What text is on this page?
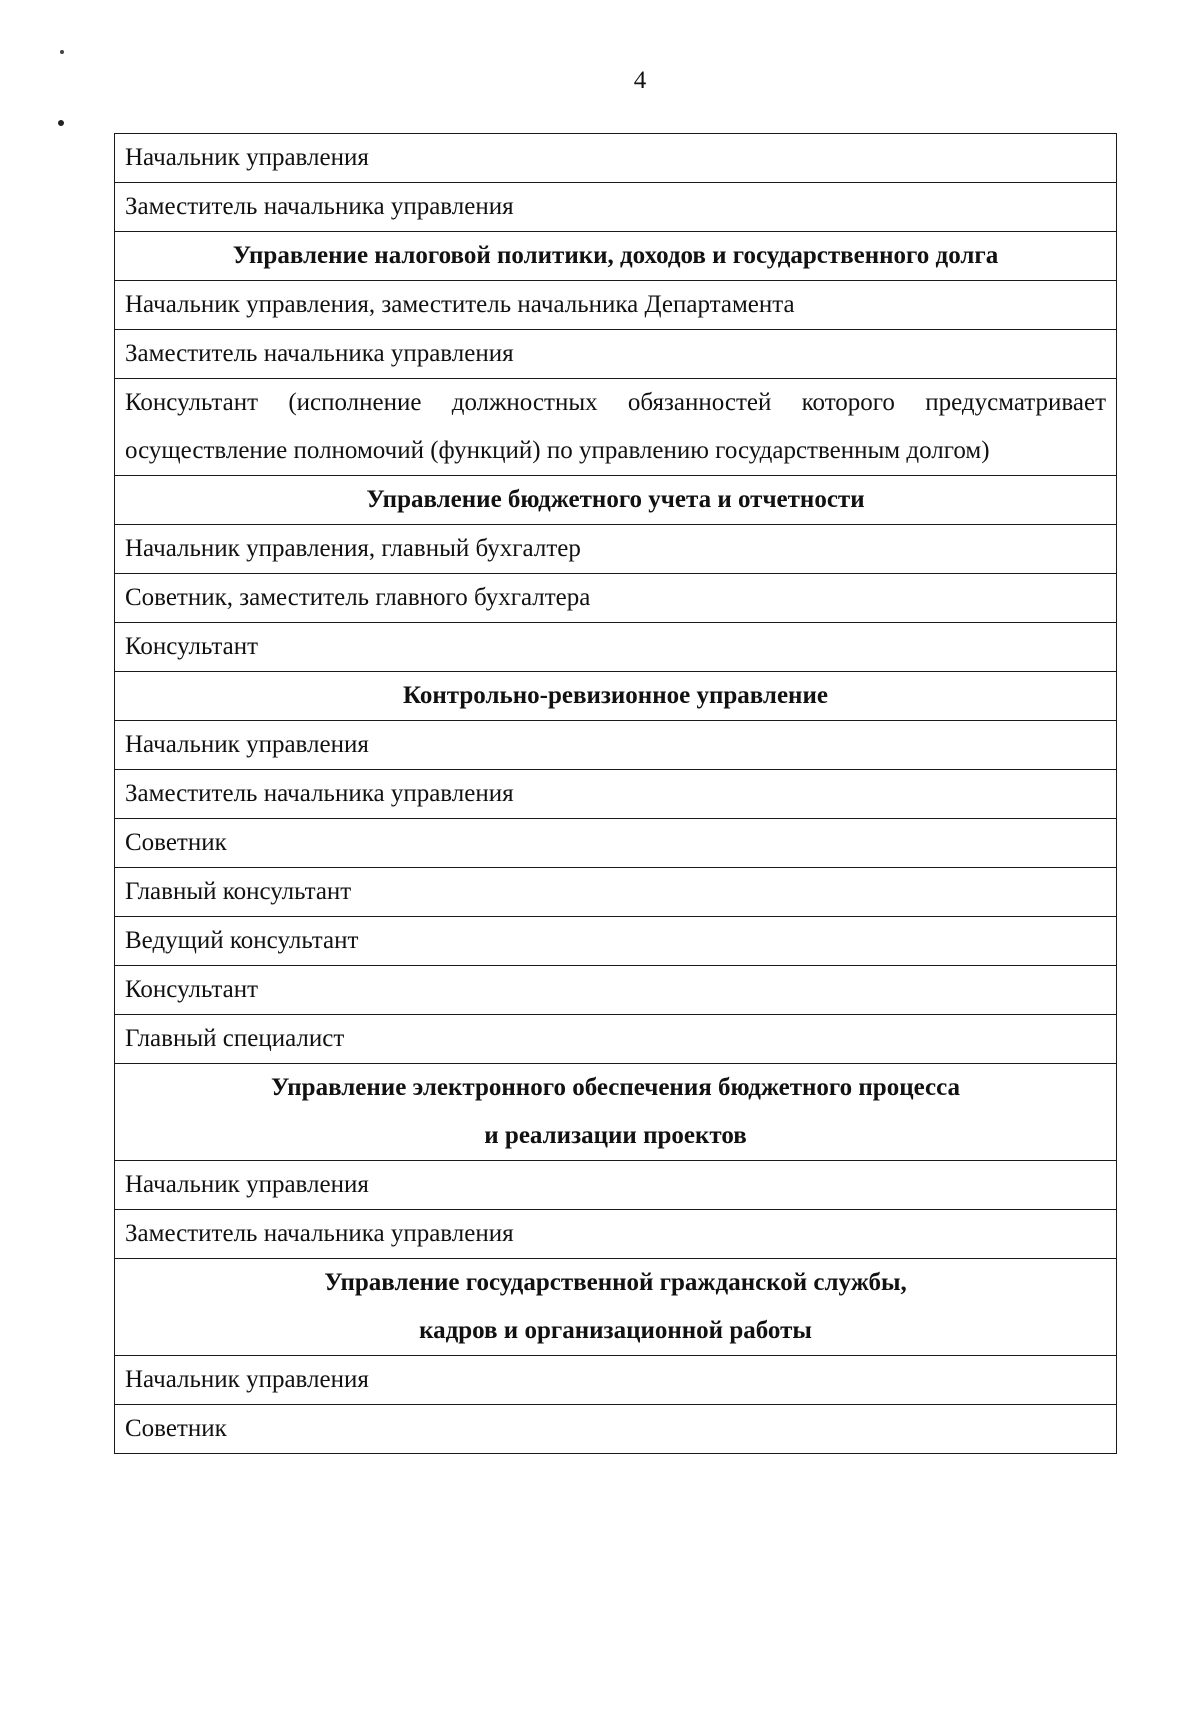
4
Начальник управления
Заместитель начальника управления

Управление налоговой политики, доходов и государственного долга

Начальник управления, заместитель начальника Департамента
Заместитель начальника управления
Консультант (исполнение должностных обязанностей которого предусматривает осуществление полномочий (функций) по управлению государственным долгом)

Управление бюджетного учета и отчетности

Начальник управления, главный бухгалтер
Советник, заместитель главного бухгалтера
Консультант

Контрольно-ревизионное управление

Начальник управления
Заместитель начальника управления
Советник
Главный консультант
Ведущий консультант
Консультант
Главный специалист

Управление электронного обеспечения бюджетного процесса
и реализации проектов

Начальник управления
Заместитель начальника управления

Управление государственной гражданской службы,
кадров и организационной работы

Начальник управления
Советник
